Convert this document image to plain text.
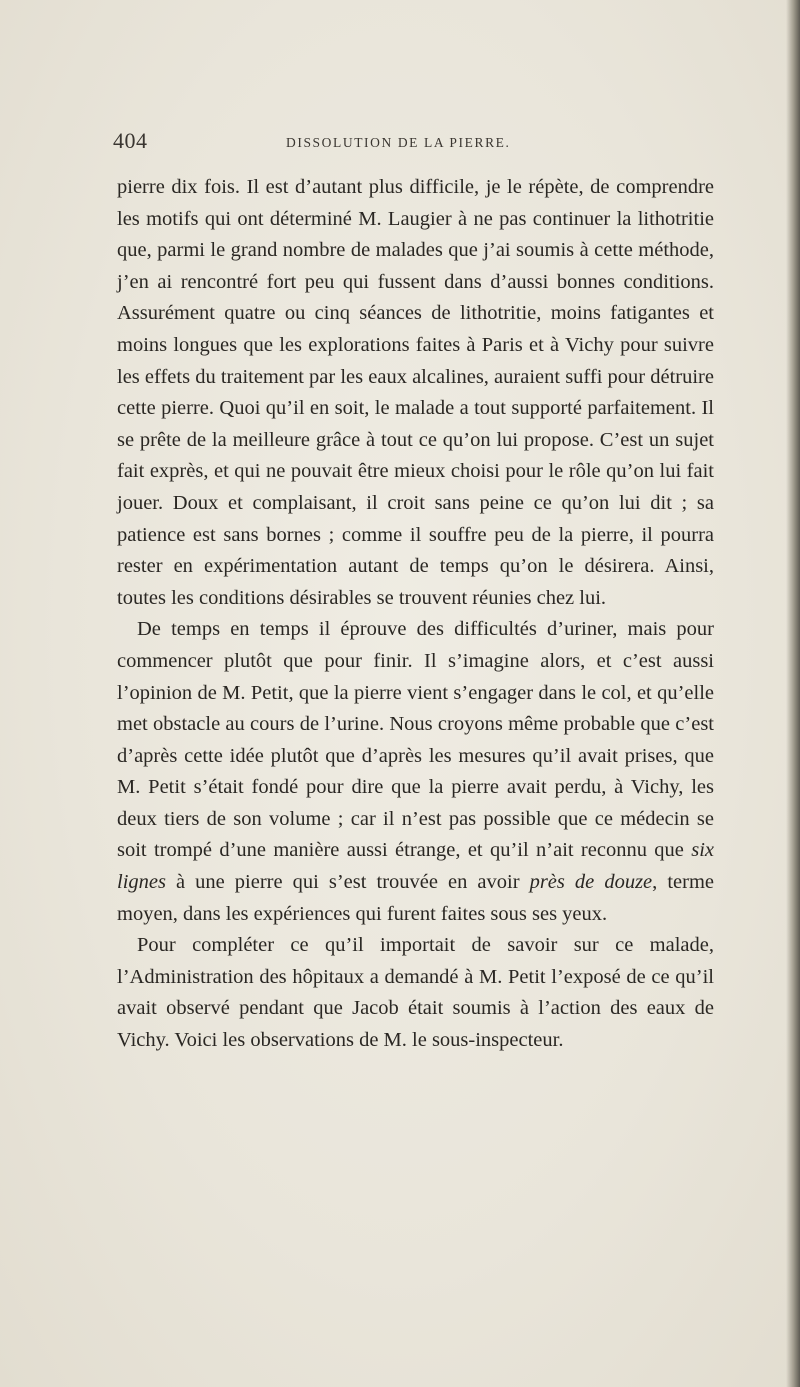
404	DISSOLUTION DE LA PIERRE.

pierre dix fois. Il est d’autant plus difficile, je le répète, de comprendre les motifs qui ont déterminé M. Laugier à ne pas continuer la lithotritie que, parmi le grand nombre de malades que j’ai soumis à cette méthode, j’en ai rencontré fort peu qui fussent dans d’aussi bonnes conditions. Assurément quatre ou cinq séances de lithotritie, moins fatigantes et moins longues que les explorations faites à Paris et à Vichy pour suivre les effets du traitement par les eaux alcalines, auraient suffi pour détruire cette pierre. Quoi qu’il en soit, le malade a tout supporté parfaitement. Il se prête de la meilleure grâce à tout ce qu’on lui propose. C’est un sujet fait exprès, et qui ne pouvait être mieux choisi pour le rôle qu’on lui fait jouer. Doux et complaisant, il croit sans peine ce qu’on lui dit ; sa patience est sans bornes ; comme il souffre peu de la pierre, il pourra rester en expérimentation autant de temps qu’on le désirera. Ainsi, toutes les conditions désirables se trouvent réunies chez lui.

De temps en temps il éprouve des difficultés d’uriner, mais pour commencer plutôt que pour finir. Il s’imagine alors, et c’est aussi l’opinion de M. Petit, que la pierre vient s’engager dans le col, et qu’elle met obstacle au cours de l’urine. Nous croyons même probable que c’est d’après cette idée plutôt que d’après les mesures qu’il avait prises, que M. Petit s’était fondé pour dire que la pierre avait perdu, à Vichy, les deux tiers de son volume ; car il n’est pas possible que ce médecin se soit trompé d’une manière aussi étrange, et qu’il n’ait reconnu que six lignes à une pierre qui s’est trouvée en avoir près de douze, terme moyen, dans les expériences qui furent faites sous ses yeux.

Pour compléter ce qu’il importait de savoir sur ce malade, l’Administration des hôpitaux a demandé à M. Petit l’exposé de ce qu’il avait observé pendant que Jacob était soumis à l’action des eaux de Vichy. Voici les observations de M. le sous-inspecteur.
